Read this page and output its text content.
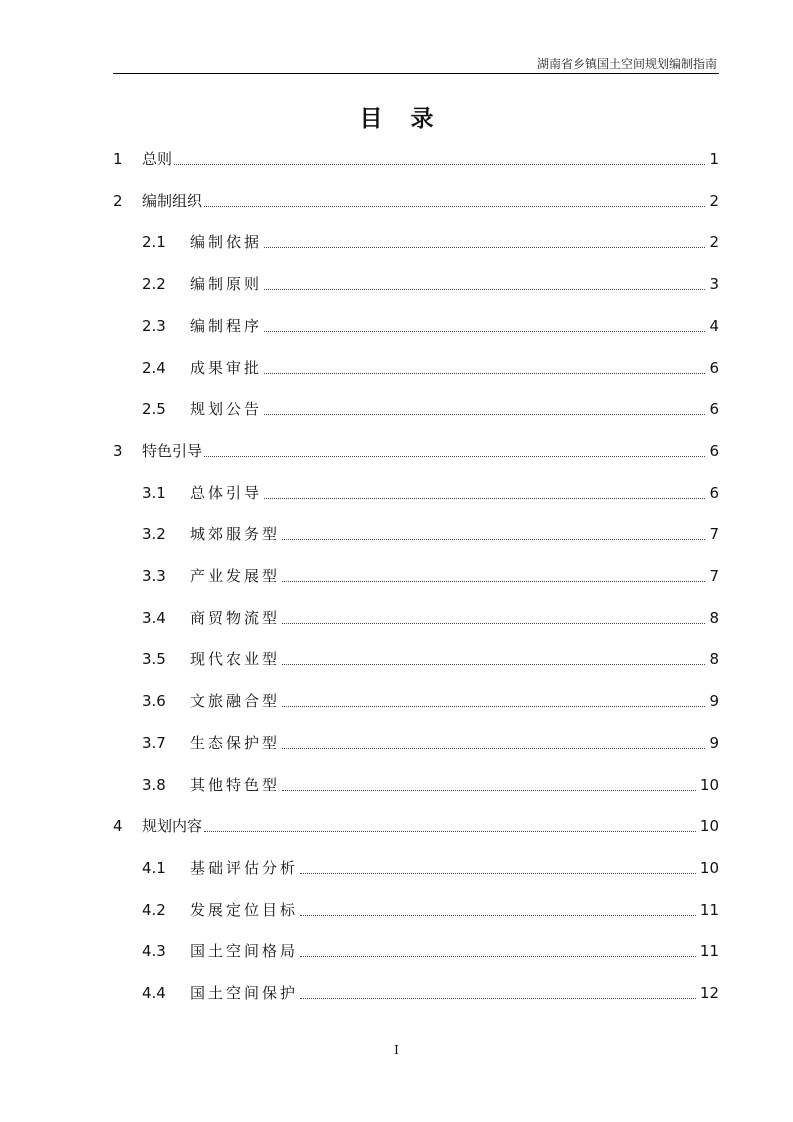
湖南省乡镇国土空间规划编制指南
目 录
1 总则	1
2 编制组织	2
2.1 编制依据	2
2.2 编制原则	3
2.3 编制程序	4
2.4 成果审批	6
2.5 规划公告	6
3 特色引导	6
3.1 总体引导	6
3.2 城郊服务型	7
3.3 产业发展型	7
3.4 商贸物流型	8
3.5 现代农业型	8
3.6 文旅融合型	9
3.7 生态保护型	9
3.8 其他特色型	10
4 规划内容	10
4.1 基础评估分析	10
4.2 发展定位目标	11
4.3 国土空间格局	11
4.4 国土空间保护	12
I
